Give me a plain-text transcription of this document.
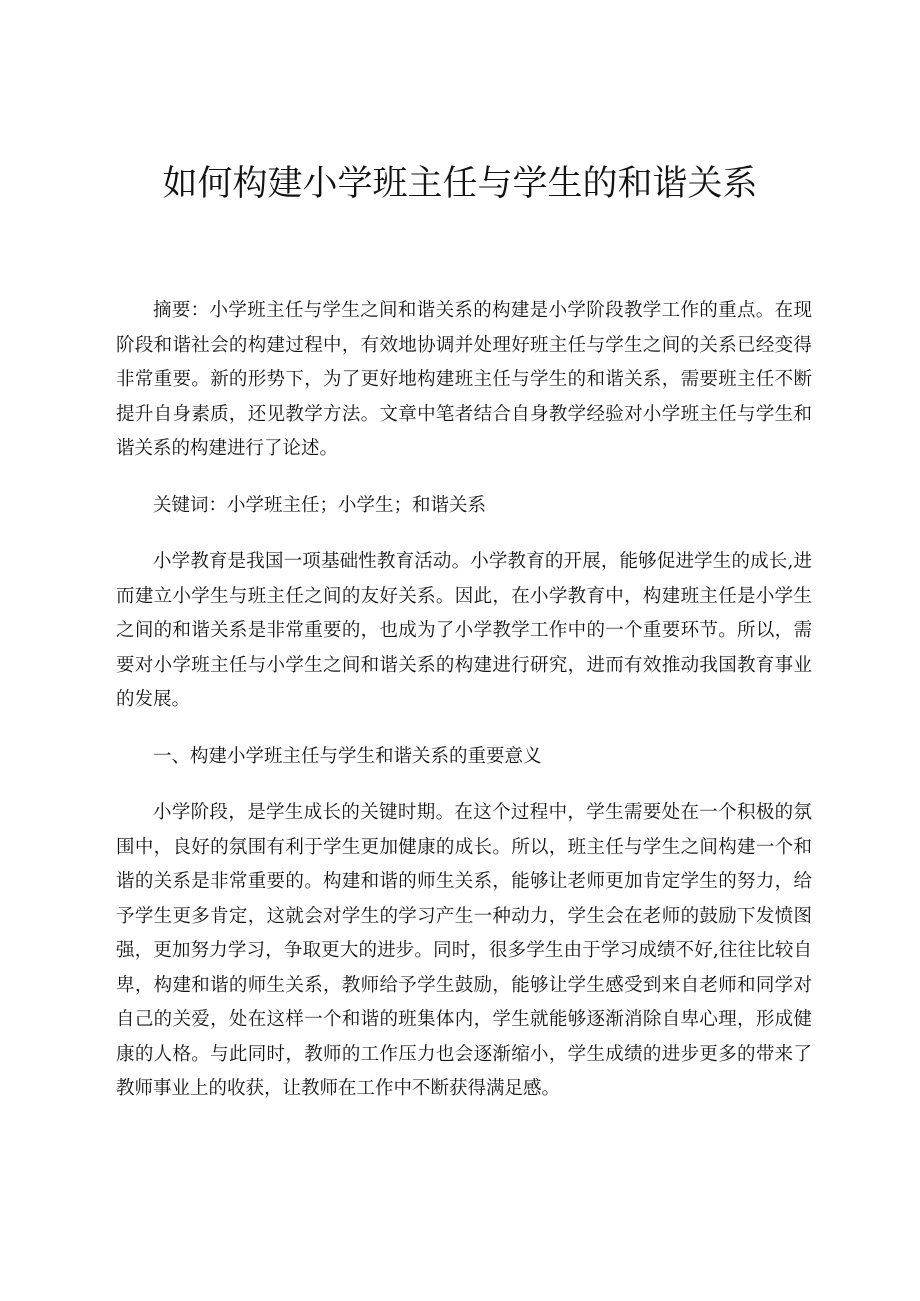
如何构建小学班主任与学生的和谐关系

摘要：小学班主任与学生之间和谐关系的构建是小学阶段教学工作的重点。在现阶段和谐社会的构建过程中，有效地协调并处理好班主任与学生之间的关系已经变得非常重要。新的形势下，为了更好地构建班主任与学生的和谐关系，需要班主任不断提升自身素质，还见教学方法。文章中笔者结合自身教学经验对小学班主任与学生和谐关系的构建进行了论述。

关键词：小学班主任；小学生；和谐关系

小学教育是我国一项基础性教育活动。小学教育的开展，能够促进学生的成长,进而建立小学生与班主任之间的友好关系。因此，在小学教育中，构建班主任是小学生之间的和谐关系是非常重要的，也成为了小学教学工作中的一个重要环节。所以，需要对小学班主任与小学生之间和谐关系的构建进行研究，进而有效推动我国教育事业的发展。

一、构建小学班主任与学生和谐关系的重要意义

小学阶段，是学生成长的关键时期。在这个过程中，学生需要处在一个积极的氛围中，良好的氛围有利于学生更加健康的成长。所以，班主任与学生之间构建一个和谐的关系是非常重要的。构建和谐的师生关系，能够让老师更加肯定学生的努力，给予学生更多肯定，这就会对学生的学习产生一种动力，学生会在老师的鼓励下发愤图强，更加努力学习，争取更大的进步。同时，很多学生由于学习成绩不好,往往比较自卑，构建和谐的师生关系，教师给予学生鼓励，能够让学生感受到来自老师和同学对自己的关爱，处在这样一个和谐的班集体内，学生就能够逐渐消除自卑心理，形成健康的人格。与此同时，教师的工作压力也会逐渐缩小，学生成绩的进步更多的带来了教师事业上的收获，让教师在工作中不断获得满足感。
